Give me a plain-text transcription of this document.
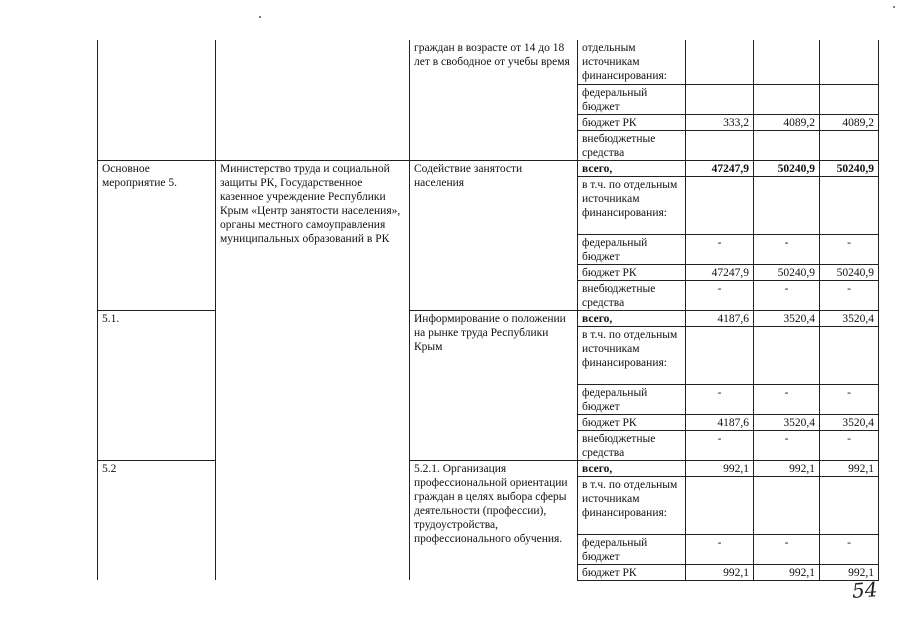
		граждан в возрасте от 14 до 18 лет в свободное от учебы время	отдельным источникам финансирования:			
			федеральный бюджет			
			бюджет РК	333,2	4089,2	4089,2
			внебюджетные средства			
Основное мероприятие 5.	Министерство труда и социальной защиты РК, Государственное казенное учреждение Республики Крым «Центр занятости населения», органы местного самоуправления муниципальных образований в РК	Содействие занятости населения	всего,	47247,9	50240,9	50240,9
			в т.ч. по отдельным источникам финансирования:			
			федеральный бюджет	-	-	-
			бюджет РК	47247,9	50240,9	50240,9
			внебюджетные средства	-	-	-
5.1.		Информирование о положении на рынке труда Республики Крым	всего,	4187,6	3520,4	3520,4
			в т.ч. по отдельным источникам финансирования:			
			федеральный бюджет	-	-	-
			бюджет РК	4187,6	3520,4	3520,4
			внебюджетные средства	-	-	-
5.2		5.2.1. Организация профессиональной ориентации граждан в целях выбора сферы деятельности (профессии), трудоустройства, профессионального обучения.	всего,	992,1	992,1	992,1
			в т.ч. по отдельным источникам финансирования:			
			федеральный бюджет	-	-	-
			бюджет РК	992,1	992,1	992,1
54
